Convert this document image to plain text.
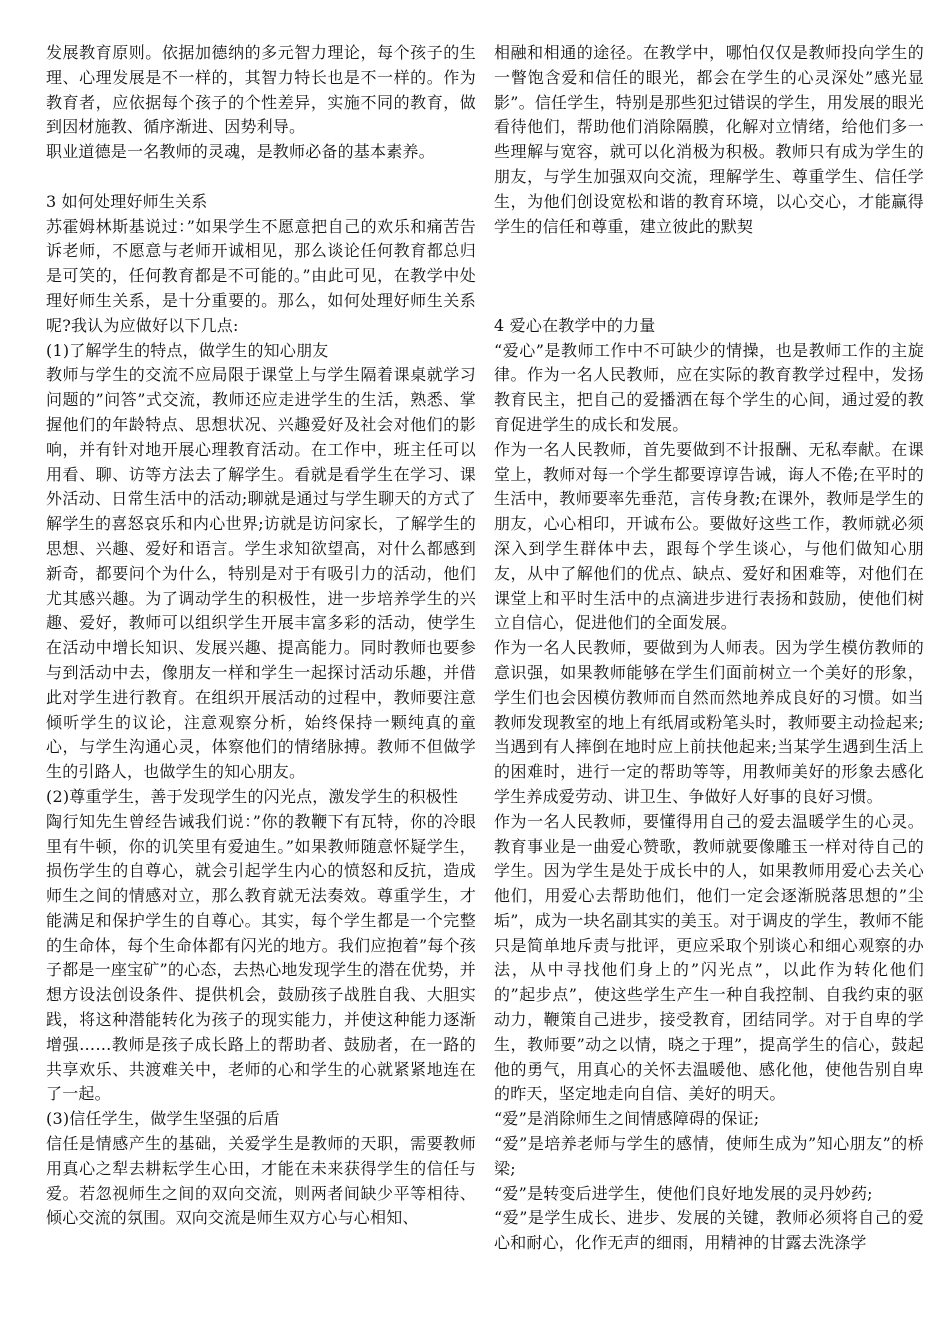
发展教育原则。依据加德纳的多元智力理论，每个孩子的生理、心理发展是不一样的，其智力特长也是不一样的。作为教育者，应依据每个孩子的个性差异，实施不同的教育，做到因材施教、循序渐进、因势利导。

职业道德是一名教师的灵魂，是教师必备的基本素养。

3 如何处理好师生关系

苏霍姆林斯基说过：”如果学生不愿意把自己的欢乐和痛苦告诉老师，不愿意与老师开诚相见，那么谈论任何教育都总归是可笑的，任何教育都是不可能的。”由此可见，在教学中处理好师生关系，是十分重要的。那么，如何处理好师生关系呢?我认为应做好以下几点:

(1)了解学生的特点，做学生的知心朋友

教师与学生的交流不应局限于课堂上与学生隔着课桌就学习问题的”问答”式交流，教师还应走进学生的生活，熟悉、掌握他们的年龄特点、思想状况、兴趣爱好及社会对他们的影响，并有针对地开展心理教育活动。在工作中，班主任可以用看、聊、访等方法去了解学生。看就是看学生在学习、课外活动、日常生活中的活动;聊就是通过与学生聊天的方式了解学生的喜怒哀乐和内心世界;访就是访问家长，了解学生的思想、兴趣、爱好和语言。学生求知欲望高，对什么都感到新奇，都要问个为什么，特别是对于有吸引力的活动，他们尤其感兴趣。为了调动学生的积极性，进一步培养学生的兴趣、爱好，教师可以组织学生开展丰富多彩的活动，使学生在活动中增长知识、发展兴趣、提高能力。同时教师也要参与到活动中去，像朋友一样和学生一起探讨活动乐趣，并借此对学生进行教育。在组织开展活动的过程中，教师要注意倾听学生的议论，注意观察分析，始终保持一颗纯真的童心，与学生沟通心灵，体察他们的情绪脉搏。教师不但做学生的引路人，也做学生的知心朋友。

(2)尊重学生，善于发现学生的闪光点，激发学生的积极性

陶行知先生曾经告诫我们说：”你的教鞭下有瓦特，你的冷眼里有牛顿，你的讥笑里有爱迪生。”如果教师随意怀疑学生，损伤学生的自尊心，就会引起学生内心的愤怒和反抗，造成师生之间的情感对立，那么教育就无法奏效。尊重学生，才能满足和保护学生的自尊心。其实，每个学生都是一个完整的生命体，每个生命体都有闪光的地方。我们应抱着”每个孩子都是一座宝矿”的心态，去热心地发现学生的潜在优势，并想方设法创设条件、提供机会，鼓励孩子战胜自我、大胆实践，将这种潜能转化为孩子的现实能力，并使这种能力逐渐增强……教师是孩子成长路上的帮助者、鼓励者，在一路的共享欢乐、共渡难关中，老师的心和学生的心就紧紧地连在了一起。

(3)信任学生，做学生坚强的后盾

信任是情感产生的基础，关爱学生是教师的天职，需要教师用真心之犁去耕耘学生心田，才能在未来获得学生的信任与爱。若忽视师生之间的双向交流，则两者间缺少平等相待、倾心交流的氛围。双向交流是师生双方心与心相知、

相融和相通的途径。在教学中，哪怕仅仅是教师投向学生的一瞥饱含爱和信任的眼光，都会在学生的心灵深处”感光显影”。信任学生，特别是那些犯过错误的学生，用发展的眼光看待他们，帮助他们消除隔膜，化解对立情绪，给他们多一些理解与宽容，就可以化消极为积极。教师只有成为学生的朋友，与学生加强双向交流，理解学生、尊重学生、信任学生，为他们创设宽松和谐的教育环境，以心交心，才能赢得学生的信任和尊重，建立彼此的默契

4 爱心在教学中的力量

“爱心”是教师工作中不可缺少的情操，也是教师工作的主旋律。作为一名人民教师，应在实际的教育教学过程中，发扬教育民主，把自己的爱播洒在每个学生的心间，通过爱的教育促进学生的成长和发展。

作为一名人民教师，首先要做到不计报酬、无私奉献。在课堂上，教师对每一个学生都要谆谆告诫，诲人不倦;在平时的生活中，教师要率先垂范，言传身教;在课外，教师是学生的朋友，心心相印，开诚布公。要做好这些工作，教师就必须深入到学生群体中去，跟每个学生谈心，与他们做知心朋友，从中了解他们的优点、缺点、爱好和困难等，对他们在课堂上和平时生活中的点滴进步进行表扬和鼓励，使他们树立自信心，促进他们的全面发展。

作为一名人民教师，要做到为人师表。因为学生模仿教师的意识强，如果教师能够在学生们面前树立一个美好的形象，学生们也会因模仿教师而自然而然地养成良好的习惯。如当教师发现教室的地上有纸屑或粉笔头时，教师要主动捡起来;当遇到有人摔倒在地时应上前扶他起来;当某学生遇到生活上的困难时，进行一定的帮助等等，用教师美好的形象去感化学生养成爱劳动、讲卫生、争做好人好事的良好习惯。

作为一名人民教师，要懂得用自己的爱去温暖学生的心灵。教育事业是一曲爱心赞歌，教师就要像雕玉一样对待自己的学生。因为学生是处于成长中的人，如果教师用爱心去关心他们，用爱心去帮助他们，他们一定会逐渐脱落思想的”尘垢”，成为一块名副其实的美玉。对于调皮的学生，教师不能只是简单地斥责与批评，更应采取个别谈心和细心观察的办法，从中寻找他们身上的”闪光点”，以此作为转化他们的”起步点”，使这些学生产生一种自我控制、自我约束的驱动力，鞭策自己进步，接受教育，团结同学。对于自卑的学生，教师要”动之以情，晓之于理”，提高学生的信心，鼓起他的勇气，用真心的关怀去温暖他、感化他，使他告别自卑的昨天，坚定地走向自信、美好的明天。

“爱”是消除师生之间情感障碍的保证;

“爱”是培养老师与学生的感情，使师生成为”知心朋友”的桥梁;

“爱”是转变后进学生，使他们良好地发展的灵丹妙药;

“爱”是学生成长、进步、发展的关键，教师必须将自己的爱心和耐心，化作无声的细雨，用精神的甘露去洗涤学
